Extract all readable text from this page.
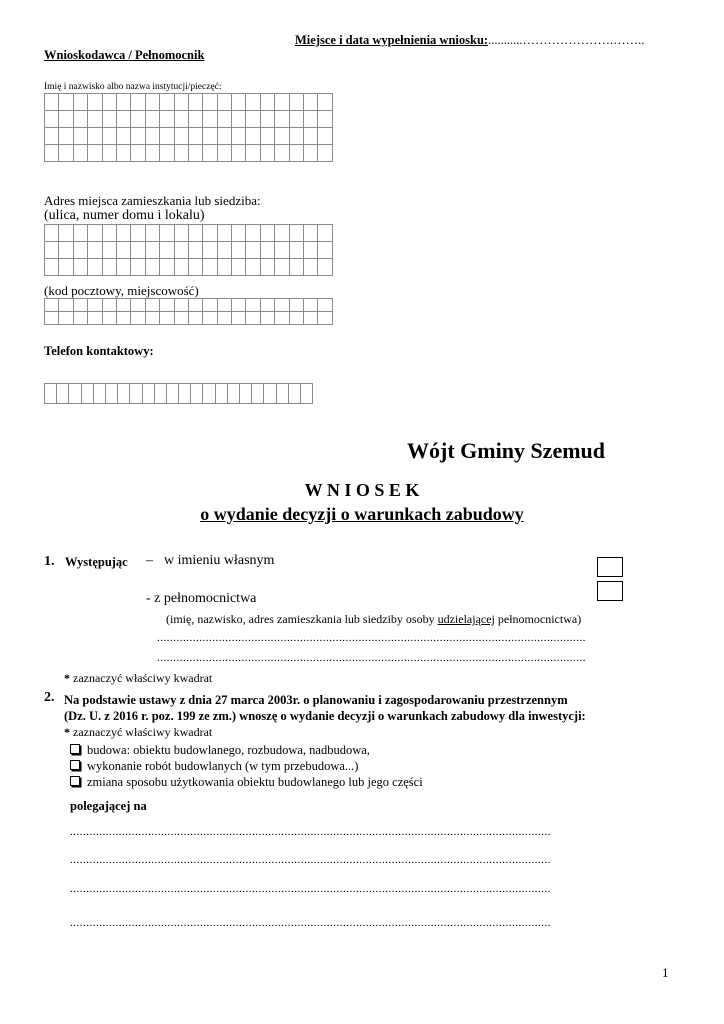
Miejsce i data wypełnienia wniosku:...........………………….……..
Wnioskodawca / Pełnomocnik
Imię i nazwisko albo nazwa instytucji/pieczęć:

Adres miejsca zamieszkania lub siedziba:
(ulica, numer domu i lokalu)

(kod pocztowy, miejscowość)

Telefon kontaktowy:

Wójt Gminy Szemud
W N I O S E K
o wydanie decyzji o warunkach zabudowy
1. Występując – w imieniu własnym
- z pełnomocnictwa
(imię, nazwisko, adres zamieszkania lub siedziby osoby udzielającej pełnomocnictwa)
....................................................................................................................................
....................................................................................................................................
* zaznaczyć właściwy kwadrat
2. Na podstawie ustawy z dnia 27 marca 2003r. o planowaniu i zagospodarowaniu przestrzennym
(Dz. U. z 2016 r. poz. 199 ze zm.) wnoszę o wydanie decyzji o warunkach zabudowy dla inwestycji:
* zaznaczyć właściwy kwadrat
budowa: obiektu budowlanego, rozbudowa, nadbudowa,
wykonanie robót budowlanych (w tym przebudowa...)
zmiana sposobu użytkowania obiektu budowlanego lub jego części
polegającej na
....................................................................................................................................................
....................................................................................................................................................
....................................................................................................................................................
....................................................................................................................................................
1
